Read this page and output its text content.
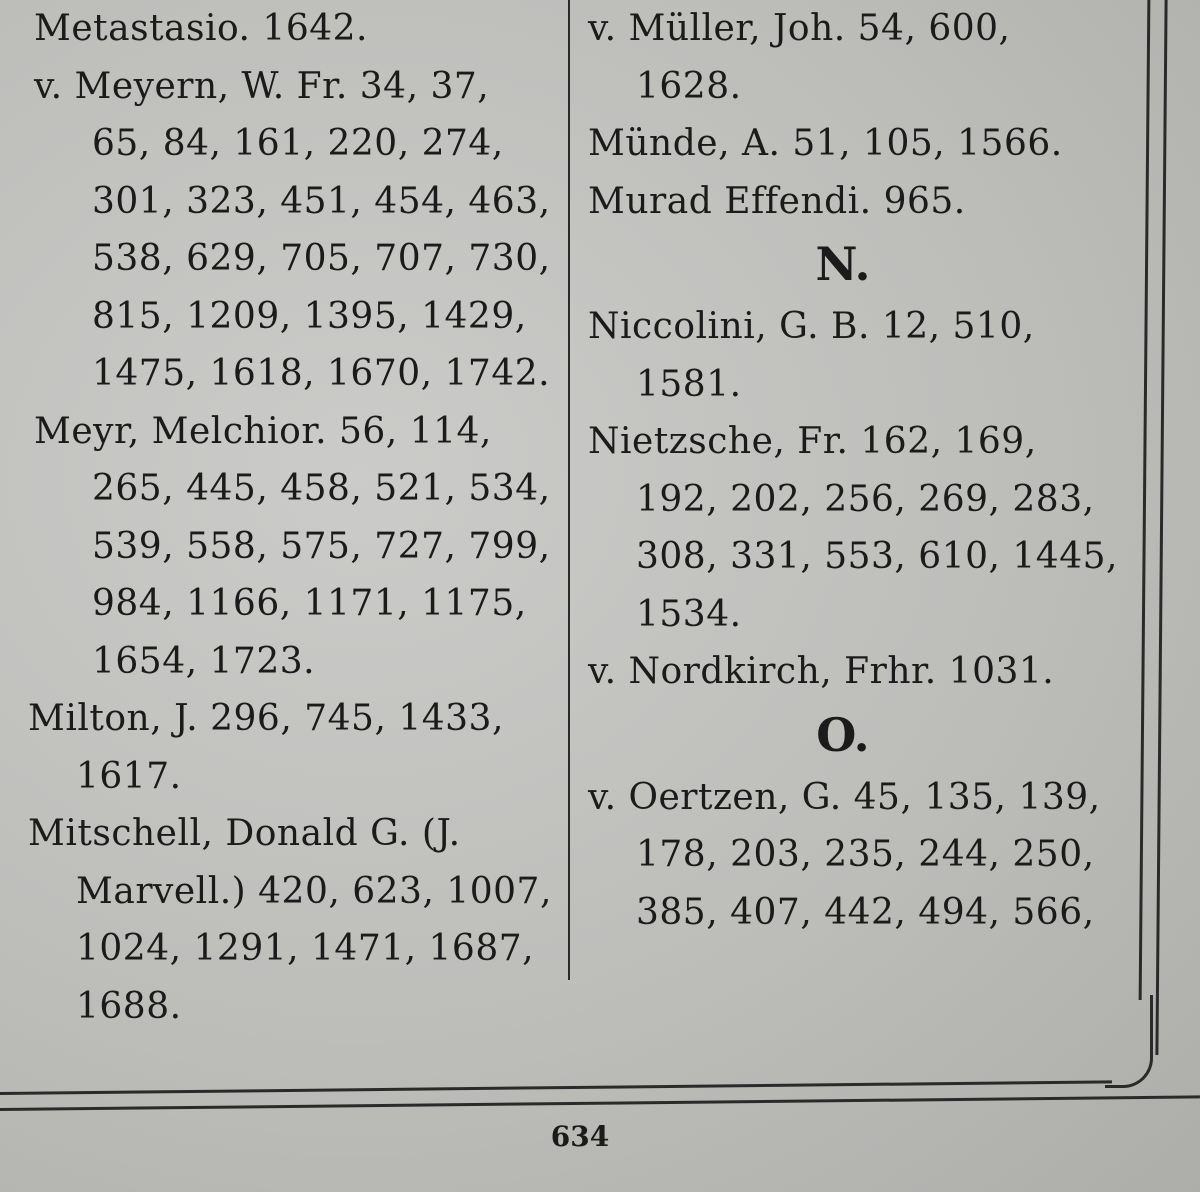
Metastasio. 1642.
v. Meyern, W. Fr. 34, 37,
65, 84, 161, 220, 274,
301, 323, 451, 454, 463,
538, 629, 705, 707, 730,
815, 1209, 1395, 1429,
1475, 1618, 1670, 1742.
Meyr, Melchior. 56, 114,
265, 445, 458, 521, 534,
539, 558, 575, 727, 799,
984, 1166, 1171, 1175,
1654, 1723.
Milton, J. 296, 745, 1433,
1617.
Mitschell, Donald G. (J.
Marvell.) 420, 623, 1007,
1024, 1291, 1471, 1687,
1688.
v. Müller, Joh. 54, 600,
1628.
Münde, A. 51, 105, 1566.
Murad Effendi. 965.
N.
Niccolini, G. B. 12, 510,
1581.
Nietzsche, Fr. 162, 169,
192, 202, 256, 269, 283,
308, 331, 553, 610, 1445,
1534.
v. Nordkirch, Frhr. 1031.
O.
v. Oertzen, G. 45, 135, 139,
178, 203, 235, 244, 250,
385, 407, 442, 494, 566,
634
